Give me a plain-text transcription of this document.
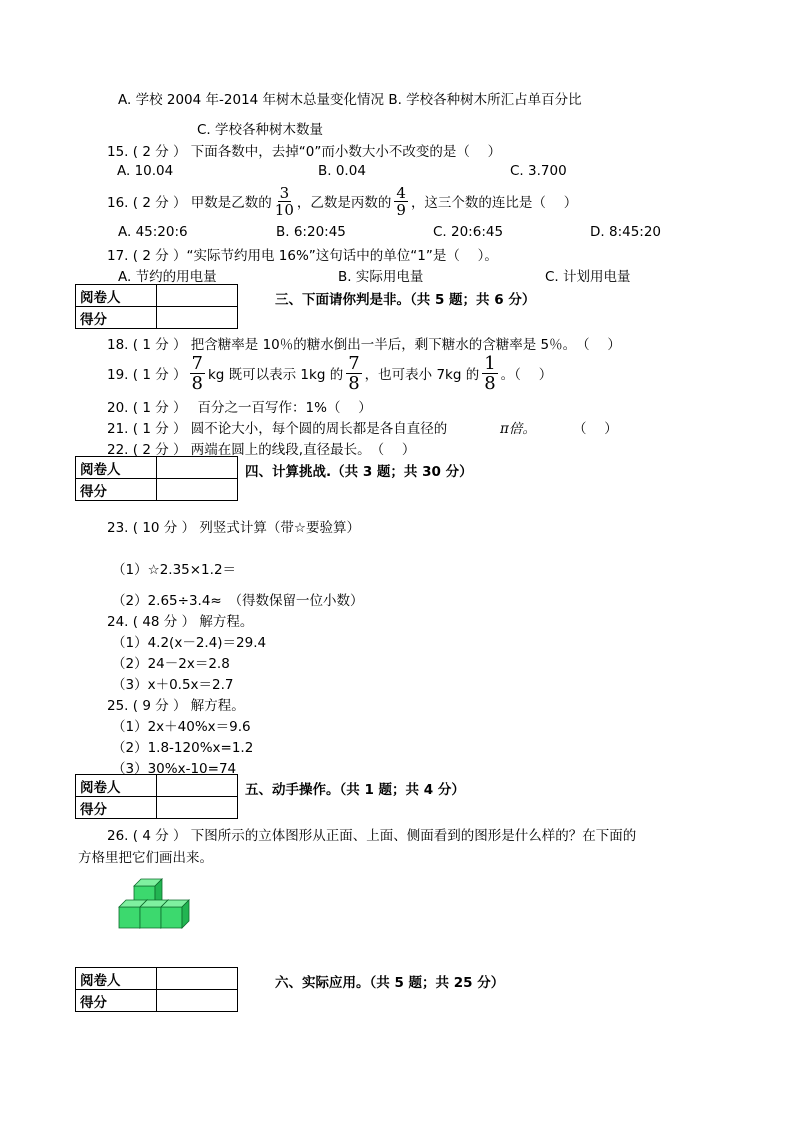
A. 学校 2004 年-2014 年树木总量变化情况 B. 学校各种树木所汇占单百分比
C. 学校各种树木数量
15. ( 2 分 ） 下面各数中，去掉“0”而小数大小不改变的是（　 ）
A. 10.04	B. 0.04	C. 3.700
16. ( 2 分 ） 甲数是乙数的 $\frac{3}{10}$ ，乙数是丙数的 $\frac{4}{9}$ ，这三个数的连比是（　 ）
A. 45:20:6	B. 6:20:45	C. 20:6:45	D. 8:45:20
17. ( 2 分 ）“实际节约用电 16%”这句话中的单位“1”是（　 ）。
A. 节约的用电量	B. 实际用电量	C. 计划用电量
阅卷人	
得分	
三、下面请你判是非。（共 5 题；共 6 分）
18. ( 1 分 ） 把含糖率是 10％的糖水倒出一半后，剩下糖水的含糖率是 5％。　（　 ）
19. ( 1 分 ） $\frac{7}{8}$ kg 既可以表示 1kg 的 $\frac{7}{8}$ ，也可表小 7kg 的 $\frac{1}{8}$ 。（　 ）
20. ( 1 分 ）　 百分之一百写作：1%（　 ）
21. ( 1 分 ） 圆不论大小，每个圆的周长都是各自直径的	π倍。	（　 ）
22. ( 2 分 ） 两端在圆上的线段,直径最长。　（　 ）
阅卷人	
得分	
四、计算挑战.（共 3 题；共 30 分）
23. ( 10 分 ） 列竖式计算（带☆要验算）
（1）☆2.35×1.2＝
（2）2.65÷3.4≈　（得数保留一位小数）
24. ( 48 分 ） 解方程。
（1）4.2(x－2.4)＝29.4
（2）24－2x＝2.8
（3）x＋0.5x＝2.7
25. ( 9 分 ） 解方程。
（1）2x＋40%x＝9.6
（2）1.8-120%x=1.2
（3）30%x-10=74
阅卷人	
得分	
五、动手操作。（共 1 题；共 4 分）
26. ( 4 分 ） 下图所示的立体图形从正面、上面、侧面看到的图形是什么样的？在下面的
方格里把它们画出来。
阅卷人	
得分	
六、实际应用。（共 5 题；共 25 分）
